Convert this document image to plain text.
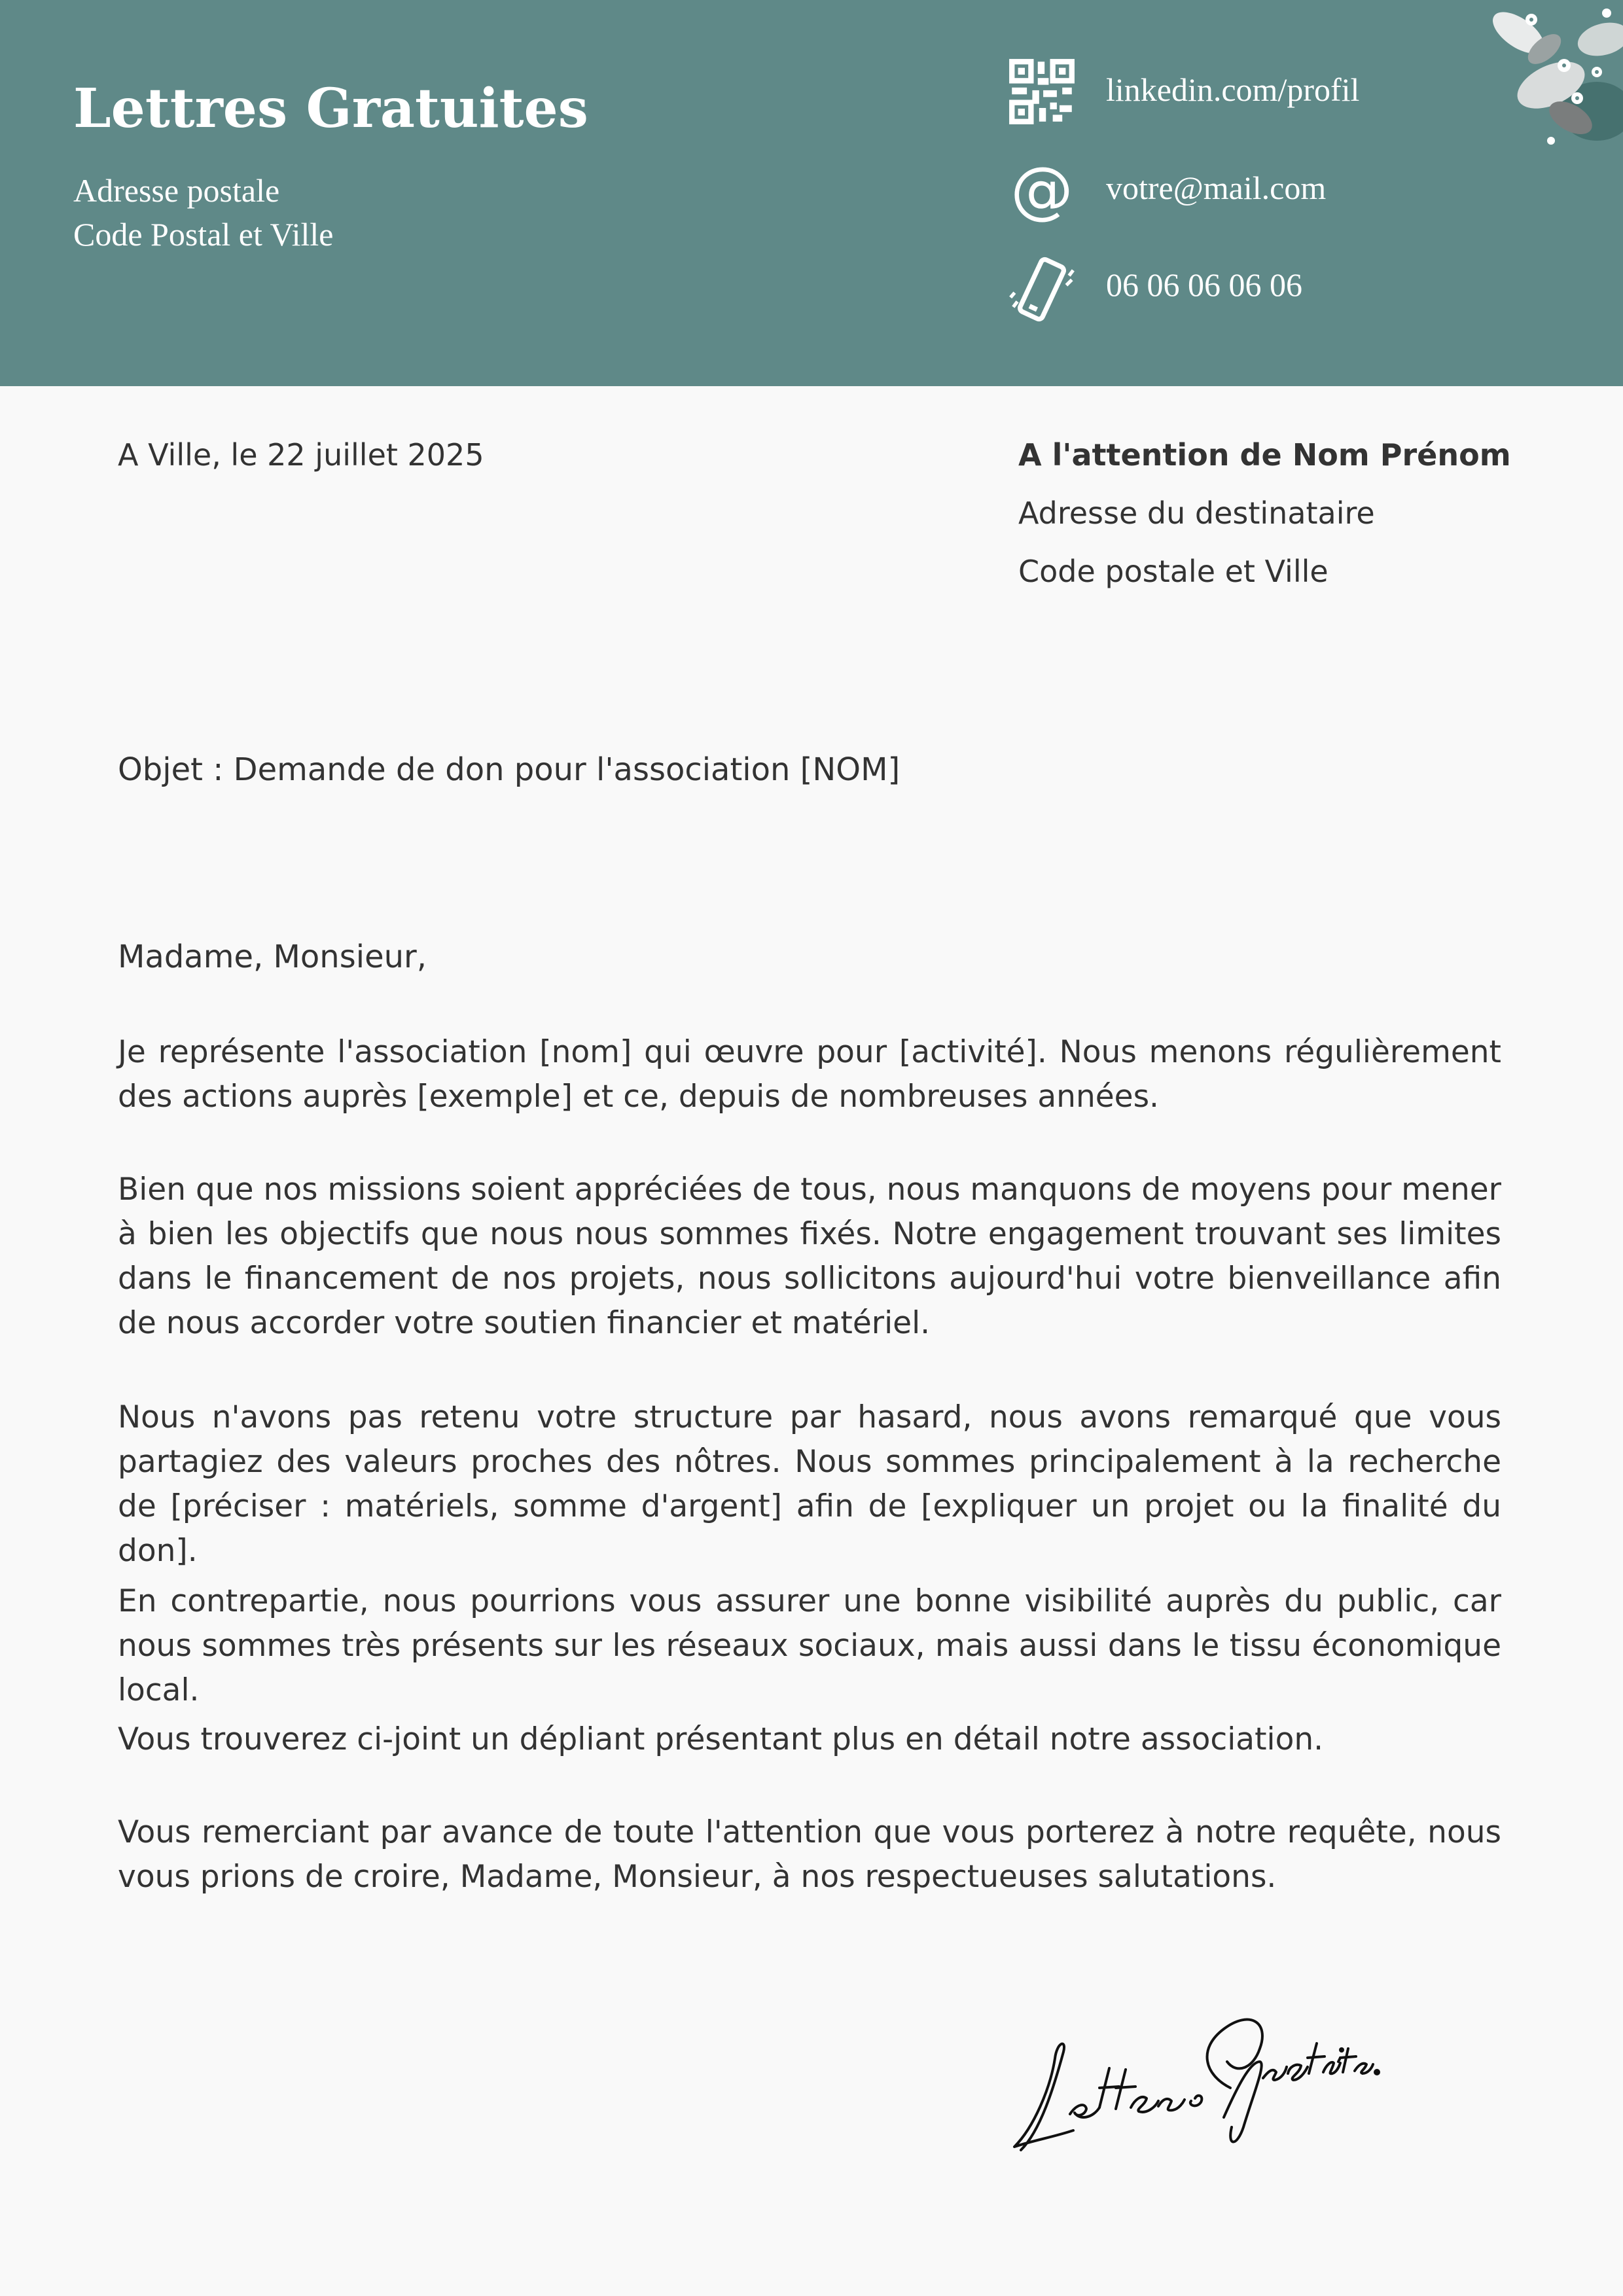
Lettres Gratuites
Adresse postale
Code Postal et Ville
linkedin.com/profil
@ votre@mail.com
06 06 06 06 06
A Ville, le 22 juillet 2025	A l'attention de Nom Prénom
Adresse du destinataire
Code postale et Ville
Objet : Demande de don pour l'association [NOM]
Madame, Monsieur,

Je représente l'association [nom] qui œuvre pour [activité]. Nous menons régulièrement des actions auprès [exemple] et ce, depuis de nombreuses années.

Bien que nos missions soient appréciées de tous, nous manquons de moyens pour mener à bien les objectifs que nous nous sommes fixés. Notre engagement trouvant ses limites dans le financement de nos projets, nous sollicitons aujourd'hui votre bienveillance afin de nous accorder votre soutien financier et matériel.

Nous n'avons pas retenu votre structure par hasard, nous avons remarqué que vous partagiez des valeurs proches des nôtres. Nous sommes principalement à la recherche de [préciser : matériels, somme d'argent] afin de [expliquer un projet ou la finalité du don].

En contrepartie, nous pourrions vous assurer une bonne visibilité auprès du public, car nous sommes très présents sur les réseaux sociaux, mais aussi dans le tissu économique local.

Vous trouverez ci-joint un dépliant présentant plus en détail notre association.

Vous remerciant par avance de toute l'attention que vous porterez à notre requête, nous vous prions de croire, Madame, Monsieur, à nos respectueuses salutations.
